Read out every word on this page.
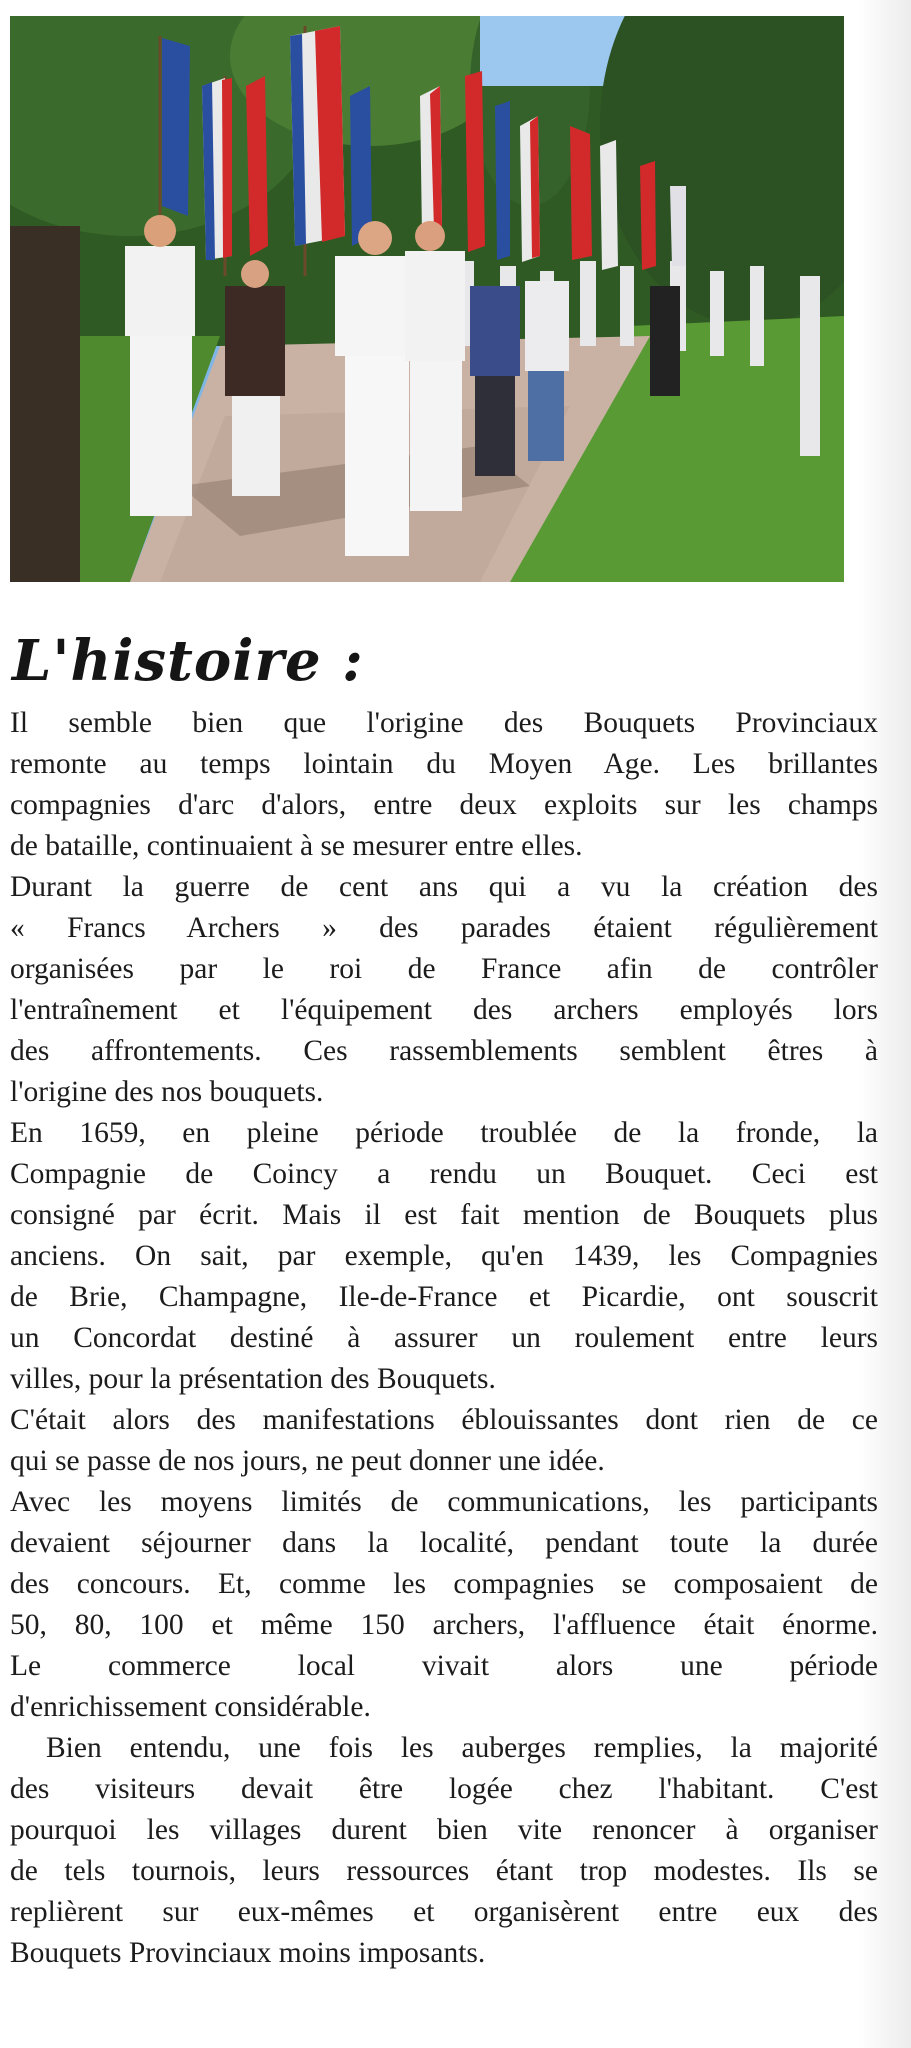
L'histoire :

Il semble bien que l'origine des Bouquets Provinciaux

remonte au temps lointain du Moyen Age. Les brillantes

compagnies d'arc d'alors, entre deux exploits sur les champs

de bataille, continuaient à se mesurer entre elles.

Durant la guerre de cent ans qui a vu la création des

« Francs Archers » des parades étaient régulièrement

organisées par le roi de France afin de contrôler

l'entraînement et l'équipement des archers employés lors

des affrontements. Ces rassemblements semblent êtres à

l'origine des nos bouquets.

En 1659, en pleine période troublée de la fronde, la

Compagnie de Coincy a rendu un Bouquet. Ceci est

consigné par écrit. Mais il est fait mention de Bouquets plus

anciens. On sait, par exemple, qu'en 1439, les Compagnies

de Brie, Champagne, Ile-de-France et Picardie, ont souscrit

un Concordat destiné à assurer un roulement entre leurs

villes, pour la présentation des Bouquets.

C'était alors des manifestations éblouissantes dont rien de ce

qui se passe de nos jours, ne peut donner une idée.

Avec les moyens limités de communications, les participants

devaient séjourner dans la localité, pendant toute la durée

des concours. Et, comme les compagnies se composaient de

50, 80, 100 et même 150 archers, l'affluence était énorme.

Le commerce local vivait alors une période

d'enrichissement considérable.

Bien entendu, une fois les auberges remplies, la majorité

des visiteurs devait être logée chez l'habitant. C'est

pourquoi les villages durent bien vite renoncer à organiser

de tels tournois, leurs ressources étant trop modestes. Ils se

replièrent sur eux-mêmes et organisèrent entre eux des

Bouquets Provinciaux moins imposants.
